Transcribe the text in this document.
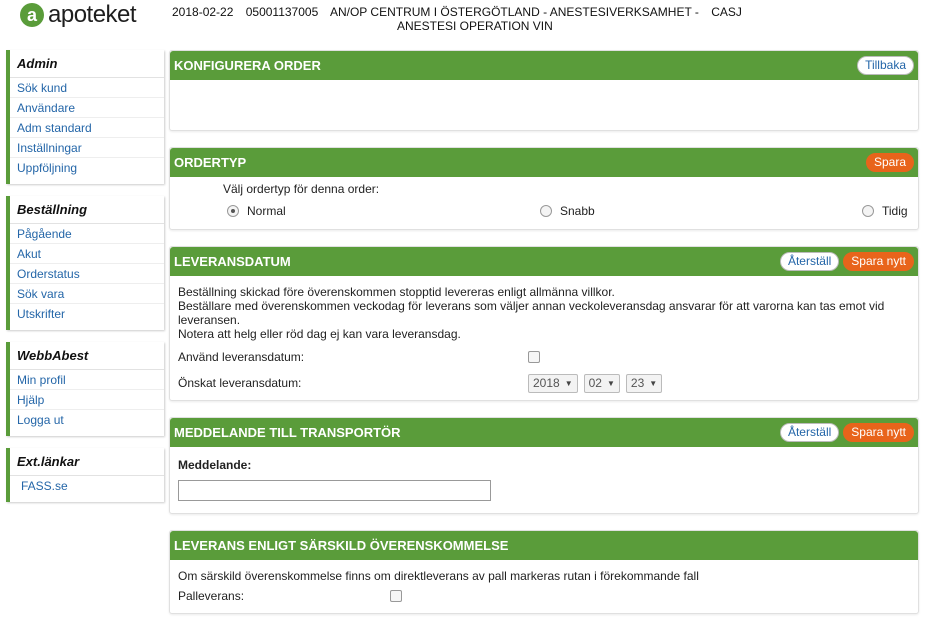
a apoteket	2018-02-22 05001137005 AN/OP CENTRUM I ÖSTERGÖTLAND - ANESTESIVERKSAMHET - CASJ
ANESTESI OPERATION VIN
Admin
Sök kund
Användare
Adm standard
Inställningar
Uppföljning
Beställning
Pågående
Akut
Orderstatus
Sök vara
Utskrifter
WebbAbest
Min profil
Hjälp
Logga ut
Ext.länkar
FASS.se
KONFIGURERA ORDER	Tillbaka
ORDERTYP	Spara
Välj ordertyp för denna order:
Normal	Snabb	Tidig
LEVERANSDATUM	Återställ	Spara nytt
Beställning skickad före överenskommen stopptid levereras enligt allmänna villkor.
Beställare med överenskommen veckodag för leverans som väljer annan veckoleveransdag ansvarar för att varorna kan tas emot vid leveransen.
Notera att helg eller röd dag ej kan vara leveransdag.
Använd leveransdatum:
Önskat leveransdatum:	2018 ▼ 02 ▼ 23 ▼
MEDDELANDE TILL TRANSPORTÖR	Återställ	Spara nytt
Meddelande:
LEVERANS ENLIGT SÄRSKILD ÖVERENSKOMMELSE
Om särskild överenskommelse finns om direktleverans av pall markeras rutan i förekommande fall
Palleverans:
